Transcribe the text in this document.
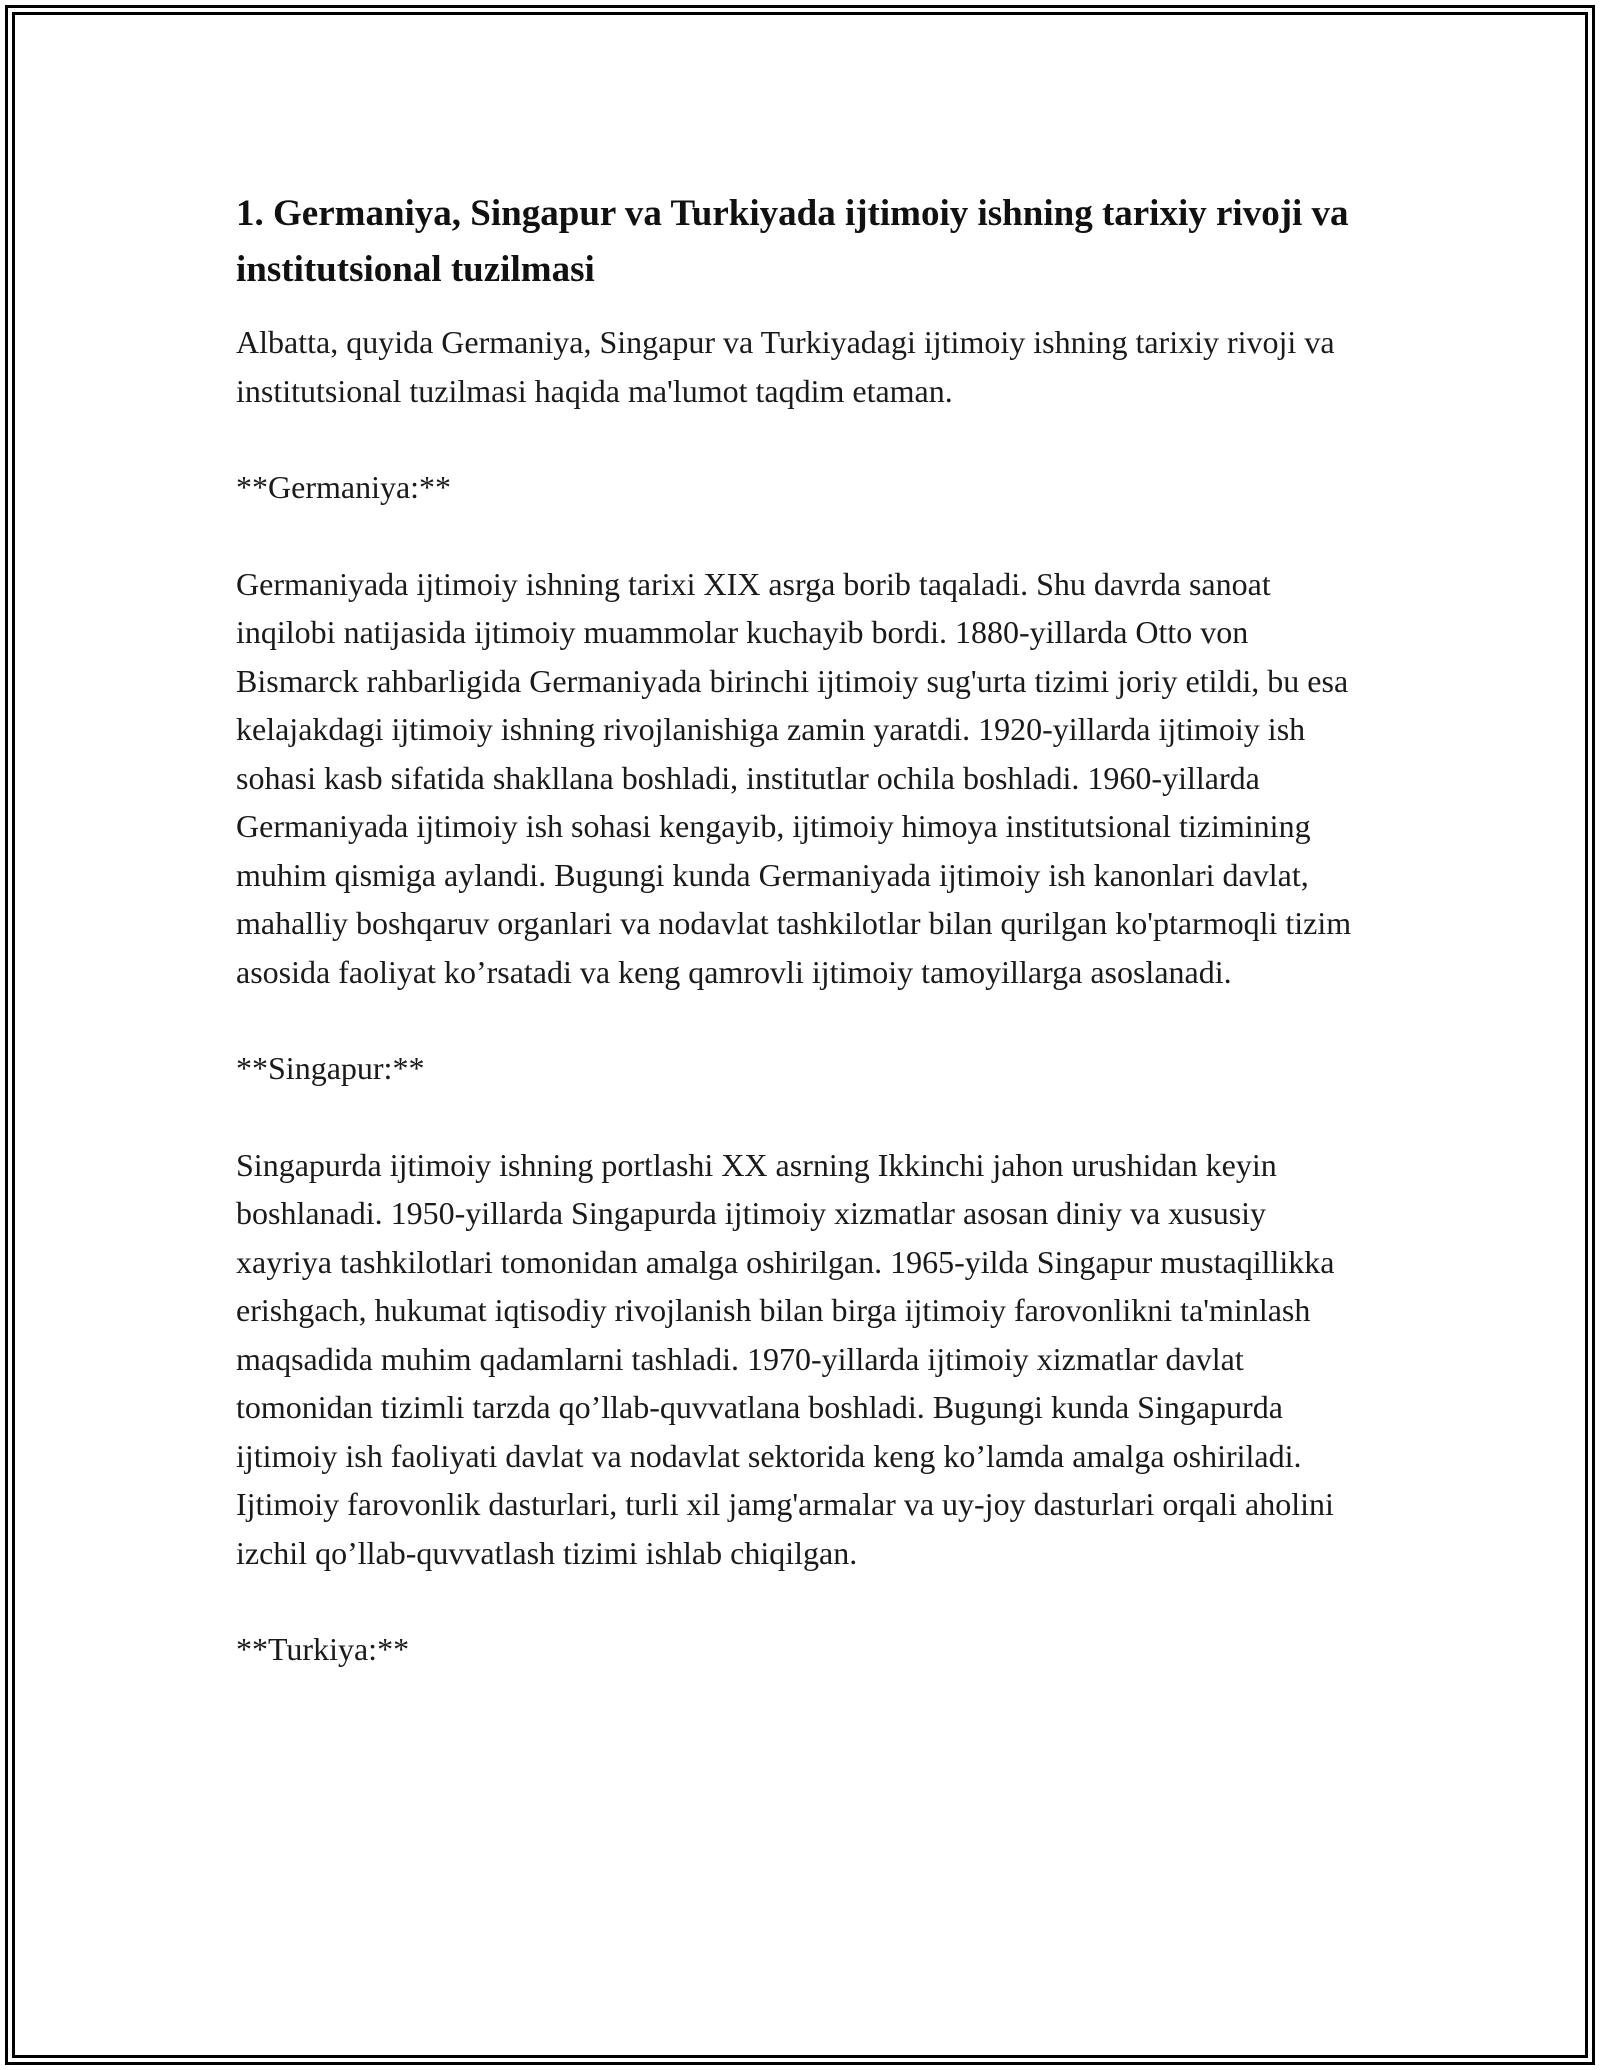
1. Germaniya, Singapur va Turkiyada ijtimoiy ishning tarixiy rivoji va institutsional tuzilmasi

Albatta, quyida Germaniya, Singapur va Turkiyadagi ijtimoiy ishning tarixiy rivoji va institutsional tuzilmasi haqida ma'lumot taqdim etaman.

**Germaniya:**

Germaniyada ijtimoiy ishning tarixi XIX asrga borib taqaladi. Shu davrda sanoat inqilobi natijasida ijtimoiy muammolar kuchayib bordi. 1880-yillarda Otto von Bismarck rahbarligida Germaniyada birinchi ijtimoiy sug'urta tizimi joriy etildi, bu esa kelajakdagi ijtimoiy ishning rivojlanishiga zamin yaratdi. 1920-yillarda ijtimoiy ish sohasi kasb sifatida shakllana boshladi, institutlar ochila boshladi. 1960-yillarda Germaniyada ijtimoiy ish sohasi kengayib, ijtimoiy himoya institutsional tizimining muhim qismiga aylandi. Bugungi kunda Germaniyada ijtimoiy ish kanonlari davlat, mahalliy boshqaruv organlari va nodavlat tashkilotlar bilan qurilgan ko'ptarmoqli tizim asosida faoliyat ko’rsatadi va keng qamrovli ijtimoiy tamoyillarga asoslanadi.

**Singapur:**

Singapurda ijtimoiy ishning portlashi XX asrning Ikkinchi jahon urushidan keyin boshlanadi. 1950-yillarda Singapurda ijtimoiy xizmatlar asosan diniy va xususiy xayriya tashkilotlari tomonidan amalga oshirilgan. 1965-yilda Singapur mustaqillikka erishgach, hukumat iqtisodiy rivojlanish bilan birga ijtimoiy farovonlikni ta'minlash maqsadida muhim qadamlarni tashladi. 1970-yillarda ijtimoiy xizmatlar davlat tomonidan tizimli tarzda qo’llab-quvvatlana boshladi. Bugungi kunda Singapurda ijtimoiy ish faoliyati davlat va nodavlat sektorida keng ko’lamda amalga oshiriladi. Ijtimoiy farovonlik dasturlari, turli xil jamg'armalar va uy-joy dasturlari orqali aholini izchil qo’llab-quvvatlash tizimi ishlab chiqilgan.

**Turkiya:**
